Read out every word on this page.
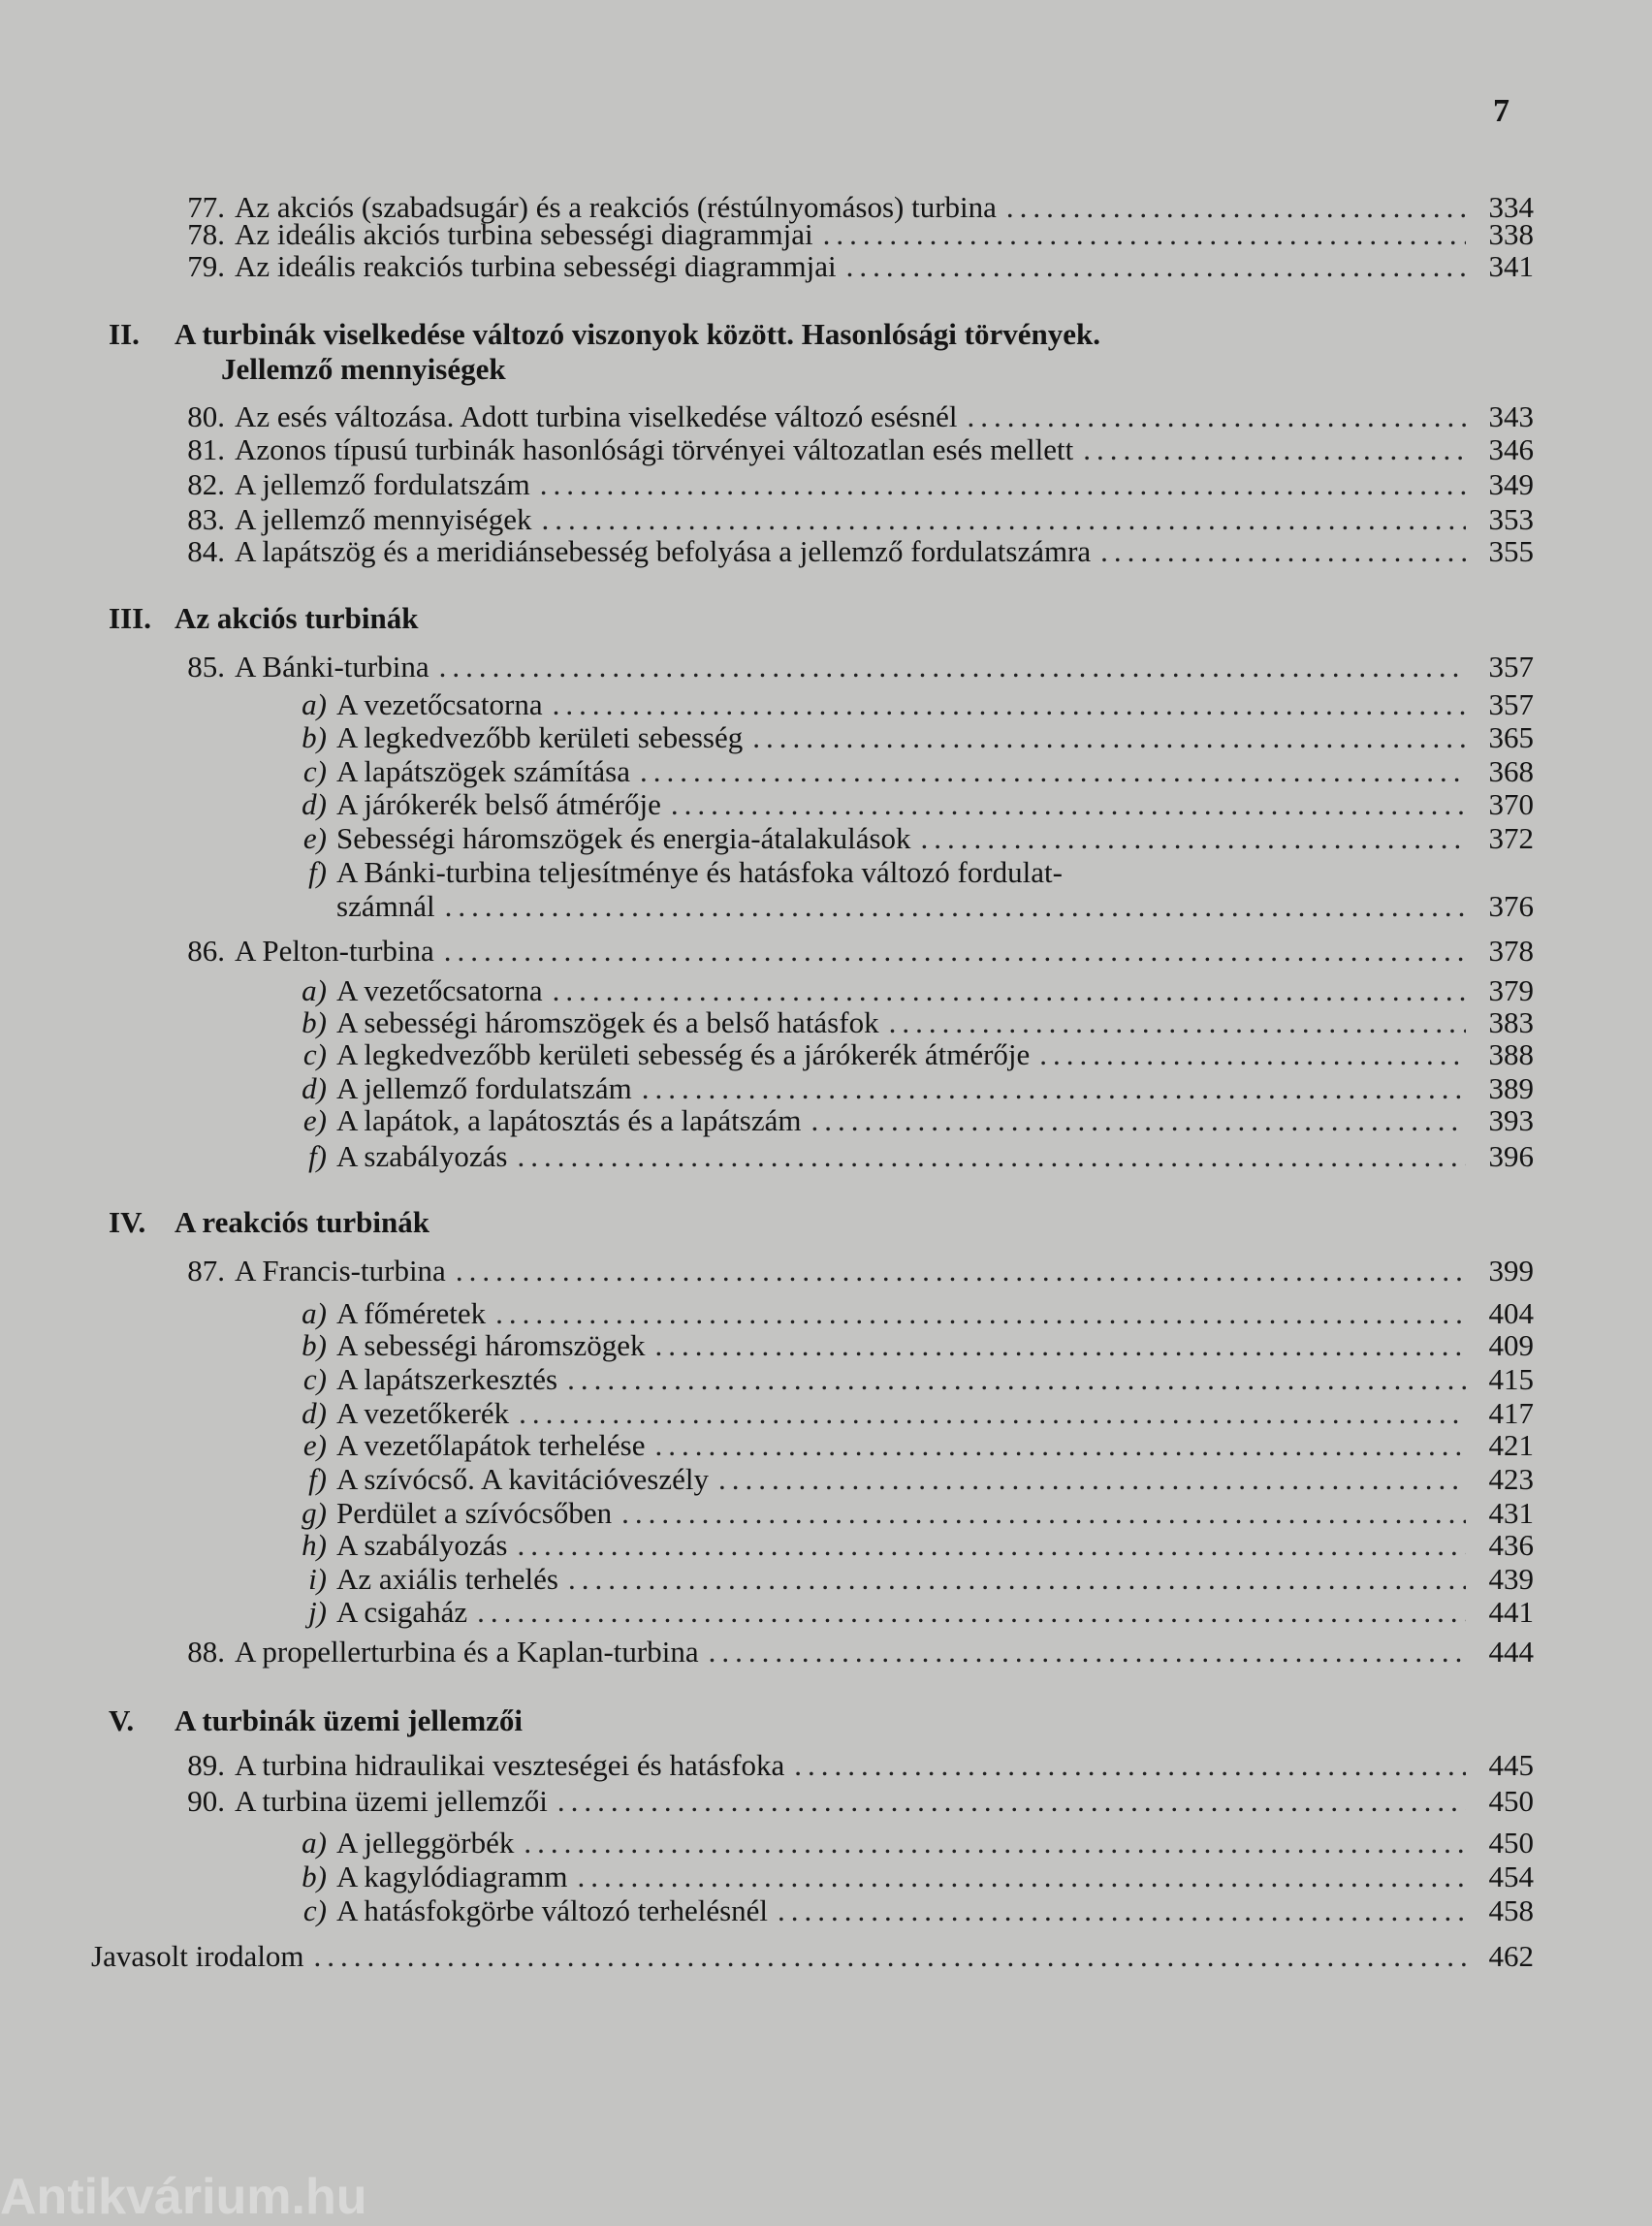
7
77. Az akciós (szabadsugár) és a reakciós (réstúlnyomásos) turbina .....	334
78. Az ideális akciós turbina sebességi diagrammjai .....	338
79. Az ideális reakciós turbina sebességi diagrammjai .....	341
II.	A turbinák viselkedése változó viszonyok között. Hasonlósági törvények.
Jellemző mennyiségek
80. Az esés változása. Adott turbina viselkedése változó esésnél .....	343
81. Azonos típusú turbinák hasonlósági törvényei változatlan esés mellett .....	346
82. A jellemző fordulatszám .....	349
83. A jellemző mennyiségek .....	353
84. A lapátszög és a meridiánsebesség befolyása a jellemző fordulatszámra .....	355
III. Az akciós turbinák
85. A Bánki-turbina .....	357
a) A vezetőcsatorna .....	357
b) A legkedvezőbb kerületi sebesség .....	365
c) A lapátszögek számítása .....	368
d) A járókerék belső átmérője .....	370
e) Sebességi háromszögek és energia-átalakulások .....	372
f) A Bánki-turbina teljesítménye és hatásfoka változó fordulat-
számnál .....	376
86. A Pelton-turbina .....	378
a) A vezetőcsatorna .....	379
b) A sebességi háromszögek és a belső hatásfok .....	383
c) A legkedvezőbb kerületi sebesség és a járókerék átmérője .....	388
d) A jellemző fordulatszám .....	389
e) A lapátok, a lapátosztás és a lapátszám .....	393
f) A szabályozás .....	396
IV. A reakciós turbinák
87. A Francis-turbina .....	399
a) A főméretek .....	404
b) A sebességi háromszögek .....	409
c) A lapátszerkesztés .....	415
d) A vezetőkerék .....	417
e) A vezetőlapátok terhelése .....	421
f) A szívócső. A kavitációveszély .....	423
g) Perdület a szívócsőben .....	431
h) A szabályozás .....	436
i) Az axiális terhelés .....	439
j) A csigaház .....	441
88. A propellerturbina és a Kaplan-turbina .....	444
V.	A turbinák üzemi jellemzői
89. A turbina hidraulikai veszteségei és hatásfoka .....	445
90. A turbina üzemi jellemzői .....	450
a) A jelleggörbék .....	450
b) A kagylódiagramm .....	454
c) A hatásfokgörbe változó terhelésnél .....	458
Javasolt irodalom .....	462
Antikvárium.hu
